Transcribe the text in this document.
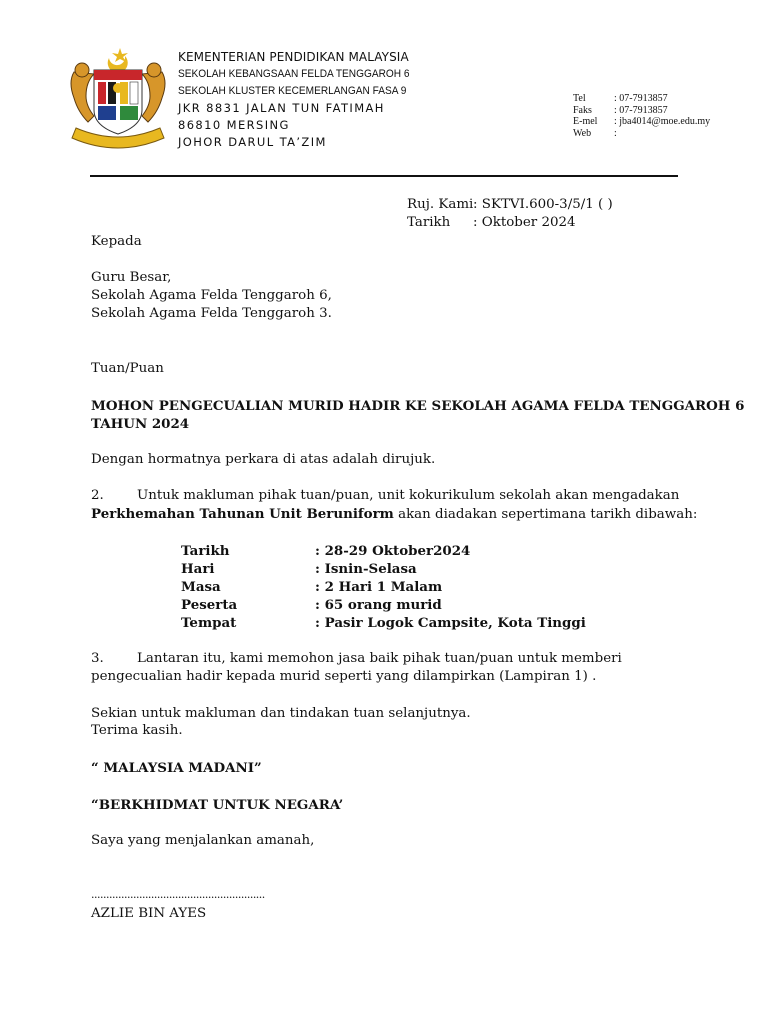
KEMENTERIAN PENDIDIKAN MALAYSIA
SEKOLAH KEBANGSAAN FELDA TENGGAROH 6
SEKOLAH KLUSTER KECEMERLANGAN FASA 9
JKR 8831 JALAN TUN FATIMAH
86810 MERSING
JOHOR DARUL TA’ZIM
Tel	: 07-7913857
Faks	: 07-7913857
E-mel	: jba4014@moe.edu.my
Web	:
Ruj. Kami : SKTVI.600-3/5/1 ( )
Tarikh	: Oktober 2024
Kepada
Guru Besar,
Sekolah Agama Felda Tenggaroh 6,
Sekolah Agama Felda Tenggaroh 3.
Tuan/Puan
MOHON PENGECUALIAN MURID HADIR KE SEKOLAH AGAMA FELDA TENGGAROH 6
TAHUN 2024
Dengan hormatnya perkara di atas adalah dirujuk.
2. Untuk makluman pihak tuan/puan, unit kokurikulum sekolah akan mengadakan
Perkhemahan Tahunan Unit Beruniform akan diadakan sepertimana tarikh dibawah:
3. Lantaran itu, kami memohon jasa baik pihak tuan/puan untuk memberi
pengecualian hadir kepada murid seperti yang dilampirkan (Lampiran 1) .
Sekian untuk makluman dan tindakan tuan selanjutnya.
Terima kasih.
“ MALAYSIA MADANI”
“BERKHIDMAT UNTUK NEGARA’
Saya yang menjalankan amanah,
..........................................................
AZLIE BIN AYES
Tarikh	: 28-29 Oktober2024
Hari	: Isnin-Selasa
Masa	: 2 Hari 1 Malam
Peserta	: 65 orang murid
Tempat	: Pasir Logok Campsite, Kota Tinggi
